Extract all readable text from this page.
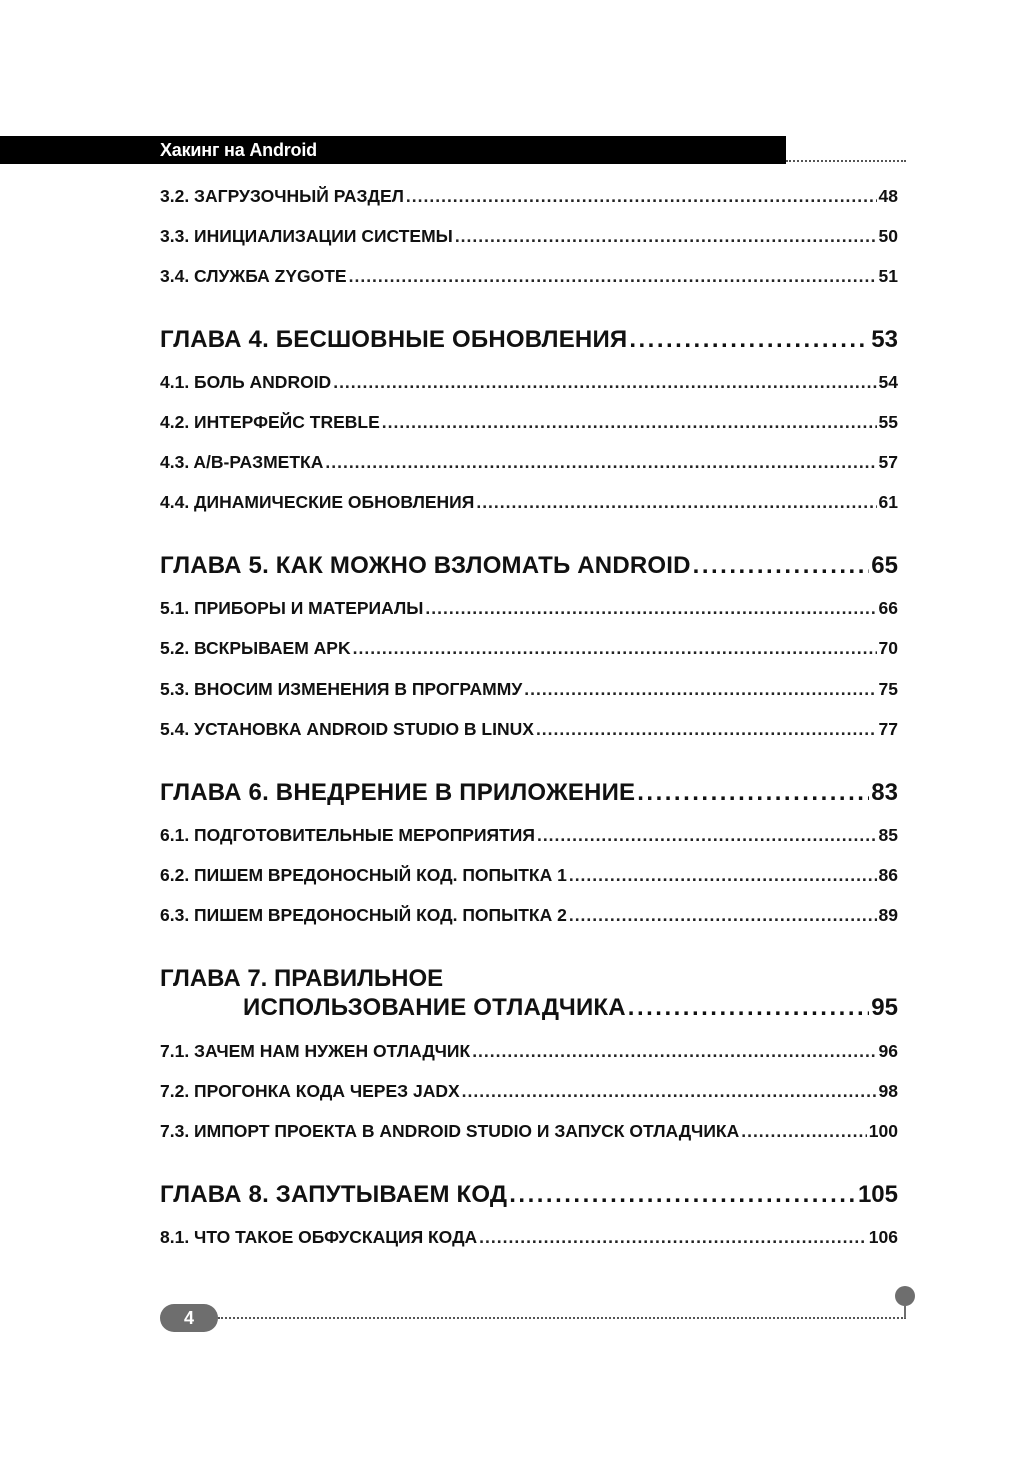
Хакинг на Android
3.2. ЗАГРУЗОЧНЫЙ РАЗДЕЛ .....	48
3.3. ИНИЦИАЛИЗАЦИИ СИСТЕМЫ .....	50
3.4. СЛУЖБА ZYGOTE .....	51
ГЛАВА 4. БЕСШОВНЫЕ ОБНОВЛЕНИЯ .....	53
4.1. БОЛЬ ANDROID .....	54
4.2. ИНТЕРФЕЙС TREBLE .....	55
4.3. A/B-РАЗМЕТКА .....	57
4.4. ДИНАМИЧЕСКИЕ ОБНОВЛЕНИЯ .....	61
ГЛАВА 5. КАК МОЖНО ВЗЛОМАТЬ ANDROID .....	65
5.1. ПРИБОРЫ И МАТЕРИАЛЫ .....	66
5.2. ВСКРЫВАЕМ APK .....	70
5.3. ВНОСИМ ИЗМЕНЕНИЯ В ПРОГРАММУ .....	75
5.4. УСТАНОВКА ANDROID STUDIO В LINUX .....	77
ГЛАВА 6. ВНЕДРЕНИЕ В ПРИЛОЖЕНИЕ .....	83
6.1. ПОДГОТОВИТЕЛЬНЫЕ МЕРОПРИЯТИЯ .....	85
6.2. ПИШЕМ ВРЕДОНОСНЫЙ КОД. ПОПЫТКА 1 .....	86
6.3. ПИШЕМ ВРЕДОНОСНЫЙ КОД. ПОПЫТКА 2 .....	89
ГЛАВА 7. ПРАВИЛЬНОЕ
ИСПОЛЬЗОВАНИЕ ОТЛАДЧИКА .....	95
7.1. ЗАЧЕМ НАМ НУЖЕН ОТЛАДЧИК .....	96
7.2. ПРОГОНКА КОДА ЧЕРЕЗ JADX .....	98
7.3. ИМПОРТ ПРОЕКТА В ANDROID STUDIO И ЗАПУСК ОТЛАДЧИКА .....	100
ГЛАВА 8. ЗАПУТЫВАЕМ КОД .....	105
8.1. ЧТО ТАКОЕ ОБФУСКАЦИЯ КОДА .....	106
4
